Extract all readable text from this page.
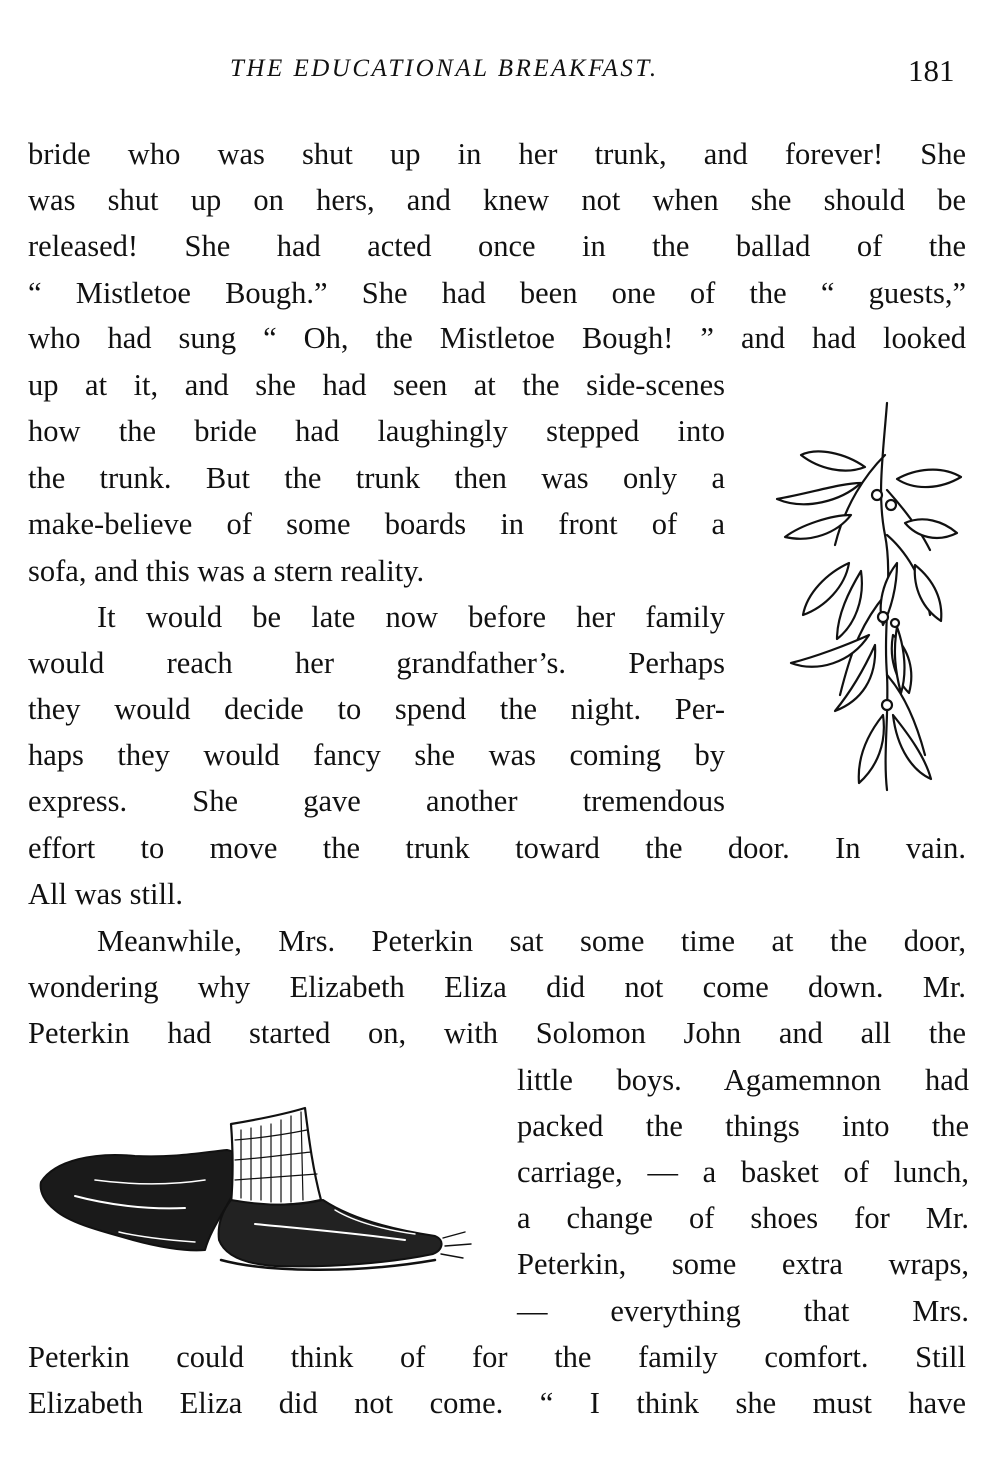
THE EDUCATIONAL BREAKFAST.	181
bride who was shut up in her trunk, and forever! She
was shut up on hers, and knew not when she should be
released! She had acted once in the ballad of the
“ Mistletoe Bough.” She had been one of the “ guests,”
who had sung “ Oh, the Mistletoe Bough! ” and had looked
up at it, and she had seen at the side-scenes
how the bride had laughingly stepped into
the trunk. But the trunk then was only a
make-believe of some boards in front of a
sofa, and this was a stern reality.
It would be late now before her family
would reach her grandfather’s. Perhaps
they would decide to spend the night. Per-
haps they would fancy she was coming by
express. She gave another tremendous
effort to move the trunk toward the door. In vain.
All was still.
Meanwhile, Mrs. Peterkin sat some time at the door,
wondering why Elizabeth Eliza did not come down. Mr.
Peterkin had started on, with Solomon John and all the
little boys. Agamemnon had
packed the things into the
carriage, — a basket of lunch,
a change of shoes for Mr.
Peterkin, some extra wraps,
— everything that Mrs.
Peterkin could think of for the family comfort. Still
Elizabeth Eliza did not come. “ I think she must have
